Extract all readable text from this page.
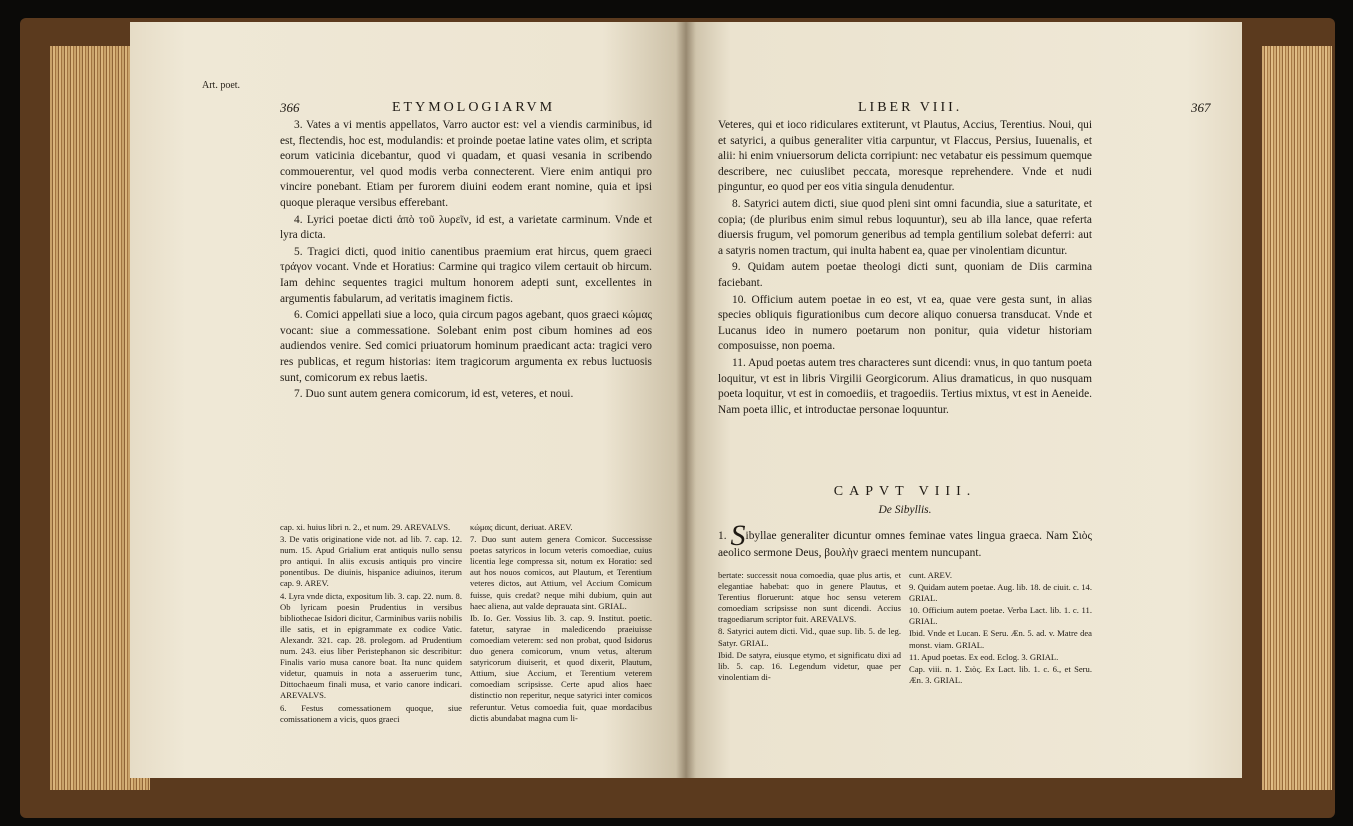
366	ETYMOLOGIARVM

3. Vates a vi mentis appellatos, Varro auctor est: vel a viendis carminibus, id est, flectendis, hoc est, modulandis: et proinde poetae latine vates olim, et scripta eorum vaticinia dicebantur, quod vi quadam, et quasi vesania in scribendo commouerentur, vel quod modis verba connecterent. Viere enim antiqui pro vincire ponebant. Etiam per furorem diuini eodem erant nomine, quia et ipsi quoque pleraque versibus efferebant.

4. Lyrici poetae dicti ἀπὸ τοῦ λυρεῖν, id est, a varietate carminum. Vnde et lyra dicta.

5. Tragici dicti, quod initio canentibus praemium erat hircus, quem graeci τράγον vocant. Vnde et Horatius: Carmine qui tragico vilem certauit ob hircum. Iam dehinc sequentes tragici multum honorem adepti sunt, excellentes in argumentis fabularum, ad veritatis imaginem fictis.

6. Comici appellati siue a loco, quia circum pagos agebant, quos graeci κώμας vocant: siue a commessatione. Solebant enim post cibum homines ad eos audiendos venire. Sed comici priuatorum hominum praedicant acta: tragici vero res publicas, et regum historias: item tragicorum argumenta ex rebus luctuosis sunt, comicorum ex rebus laetis.

7. Duo sunt autem genera comicorum, id est, veteres, et noui.

cap. xi. huius libri n. 2., et num. 29. AREVALVS.

3. De vatis originatione vide not. ad lib. 7. cap. 12. num. 15. Apud Grialium erat antiquis nullo sensu pro antiqui. In aliis excusis antiquis pro vincire ponentibus. De diuinis, hispanice adiuinos, iterum cap. 9. AREV.

4. Lyra vnde dicta, expositum lib. 3. cap. 22. num. 8. Ob lyricam poesin Prudentius in versibus bibliothecae Isidori dicitur, Carminibus variis nobilis ille satis, et in epigrammate ex codice Vatic. Alexandr. 321. cap. 28. prolegom. ad Prudentium num. 243. eius liber Peristephanon sic describitur: Finalis vario musa canore boat. Ita nunc quidem videtur, quamuis in nota a asseruerim tunc, Dittochaeum finali musa, et vario canore indicari. AREVALVS.

6. Festus comessationem quoque, siue comissationem a vicis, quos graeci

κώμας dicunt, deriuat. AREV.

7. Duo sunt autem genera Comicor. Successisse poetas satyricos in locum veteris comoediae, cuius licentia lege compressa sit, notum ex Horatio: sed aut hos nouos comicos, aut Plautum, et Terentium veteres dictos, aut Attium, vel Accium Comicum fuisse, quis credat? neque mihi dubium, quin aut haec aliena, aut valde deprauata sint. GRIAL.

Ib. Io. Ger. Vossius lib. 3. cap. 9. Institut. poetic. fatetur, satyrae in maledicendo praeiuisse comoediam veterem: sed non probat, quod Isidorus duo genera comicorum, vnum vetus, alterum satyricorum diuiserit, et quod dixerit, Plautum, Attium, siue Accium, et Terentium veterem comoediam scripsisse. Certe apud alios haec distinctio non reperitur, neque satyrici inter comicos referuntur. Vetus comoedia fuit, quae mordacibus dictis abundabat magna cum li-

Art. poet.
LIBER VIII.	367

Veteres, qui et ioco ridiculares extiterunt, vt Plautus, Accius, Terentius. Noui, qui et satyrici, a quibus generaliter vitia carpuntur, vt Flaccus, Persius, Iuuenalis, et alii: hi enim vniuersorum delicta corripiunt: nec vetabatur eis pessimum quemque describere, nec cuiuslibet peccata, moresque reprehendere. Vnde et nudi pinguntur, eo quod per eos vitia singula denudentur.

8. Satyrici autem dicti, siue quod pleni sint omni facundia, siue a saturitate, et copia; (de pluribus enim simul rebus loquuntur), seu ab illa lance, quae referta diuersis frugum, vel pomorum generibus ad templa gentilium solebat deferri: aut a satyris nomen tractum, qui inulta habent ea, quae per vinolentiam dicuntur.

9. Quidam autem poetae theologi dicti sunt, quoniam de Diis carmina faciebant.

10. Officium autem poetae in eo est, vt ea, quae vere gesta sunt, in alias species obliquis figurationibus cum decore aliquo conuersa transducat. Vnde et Lucanus ideo in numero poetarum non ponitur, quia videtur historiam composuisse, non poema.

11. Apud poetas autem tres characteres sunt dicendi: vnus, in quo tantum poeta loquitur, vt est in libris Virgilii Georgicorum. Alius dramaticus, in quo nusquam poeta loquitur, vt est in comoediis, et tragoediis. Tertius mixtus, vt est in Aeneide. Nam poeta illic, et introductae personae loquuntur.

CAPVT VIII.
De Sibyllis.

1. Sibyllae generaliter dicuntur omnes feminae vates lingua graeca. Nam Σιὸς aeolico sermone Deus, βουλὴν graeci mentem nuncupant.

bertate: successit noua comoedia, quae plus artis, et elegantiae habebat: quo in genere Plautus, et Terentius floruerunt: atque hoc sensu veterem comoediam scripsisse non sunt dicendi. Accius tragoediarum scriptor fuit. AREVALVS.

8. Satyrici autem dicti. Vid., quae sup. lib. 5. de leg. Satyr. GRIAL.

Ibid. De satyra, eiusque etymo, et significatu dixi ad lib. 5. cap. 16. Legendum videtur, quae per vinolentiam di-

cunt. AREV.

9. Quidam autem poetae. Aug. lib. 18. de ciuit. c. 14. GRIAL.

10. Officium autem poetae. Verba Lact. lib. 1. c. 11. GRIAL.

Ibid. Vnde et Lucan. E Seru. Æn. 5. ad. v. Matre dea monst. viam. GRIAL.

11. Apud poetas. Ex eod. Eclog. 3. GRIAL.

Cap. viii. n. 1. Σιὸς. Ex Lact. lib. 1. c. 6., et Seru. Æn. 3. GRIAL.
